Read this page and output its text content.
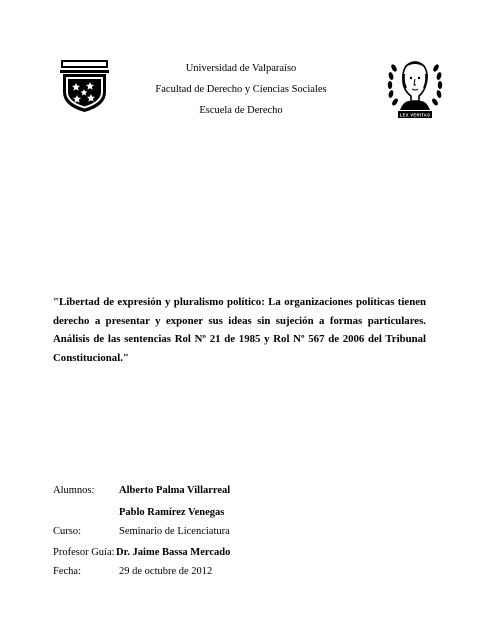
LEX VERITAS
Universidad de Valparaíso
Facultad de Derecho y Ciencias Sociales
Escuela de Derecho
"Libertad de expresión y pluralismo político: La organizaciones políticas tienen derecho a presentar y exponer sus ideas sin sujeción a formas particulares. Análisis de las sentencias Rol Nº 21 de 1985 y Rol Nº 567 de 2006 del Tribunal Constitucional."
Alumnos: Alberto Palma Villarreal
Pablo Ramírez Venegas
Curso:	Seminario de Licenciatura
Profesor Guía:Dr. Jaime Bassa Mercado
Fecha:	29 de octubre de 2012
